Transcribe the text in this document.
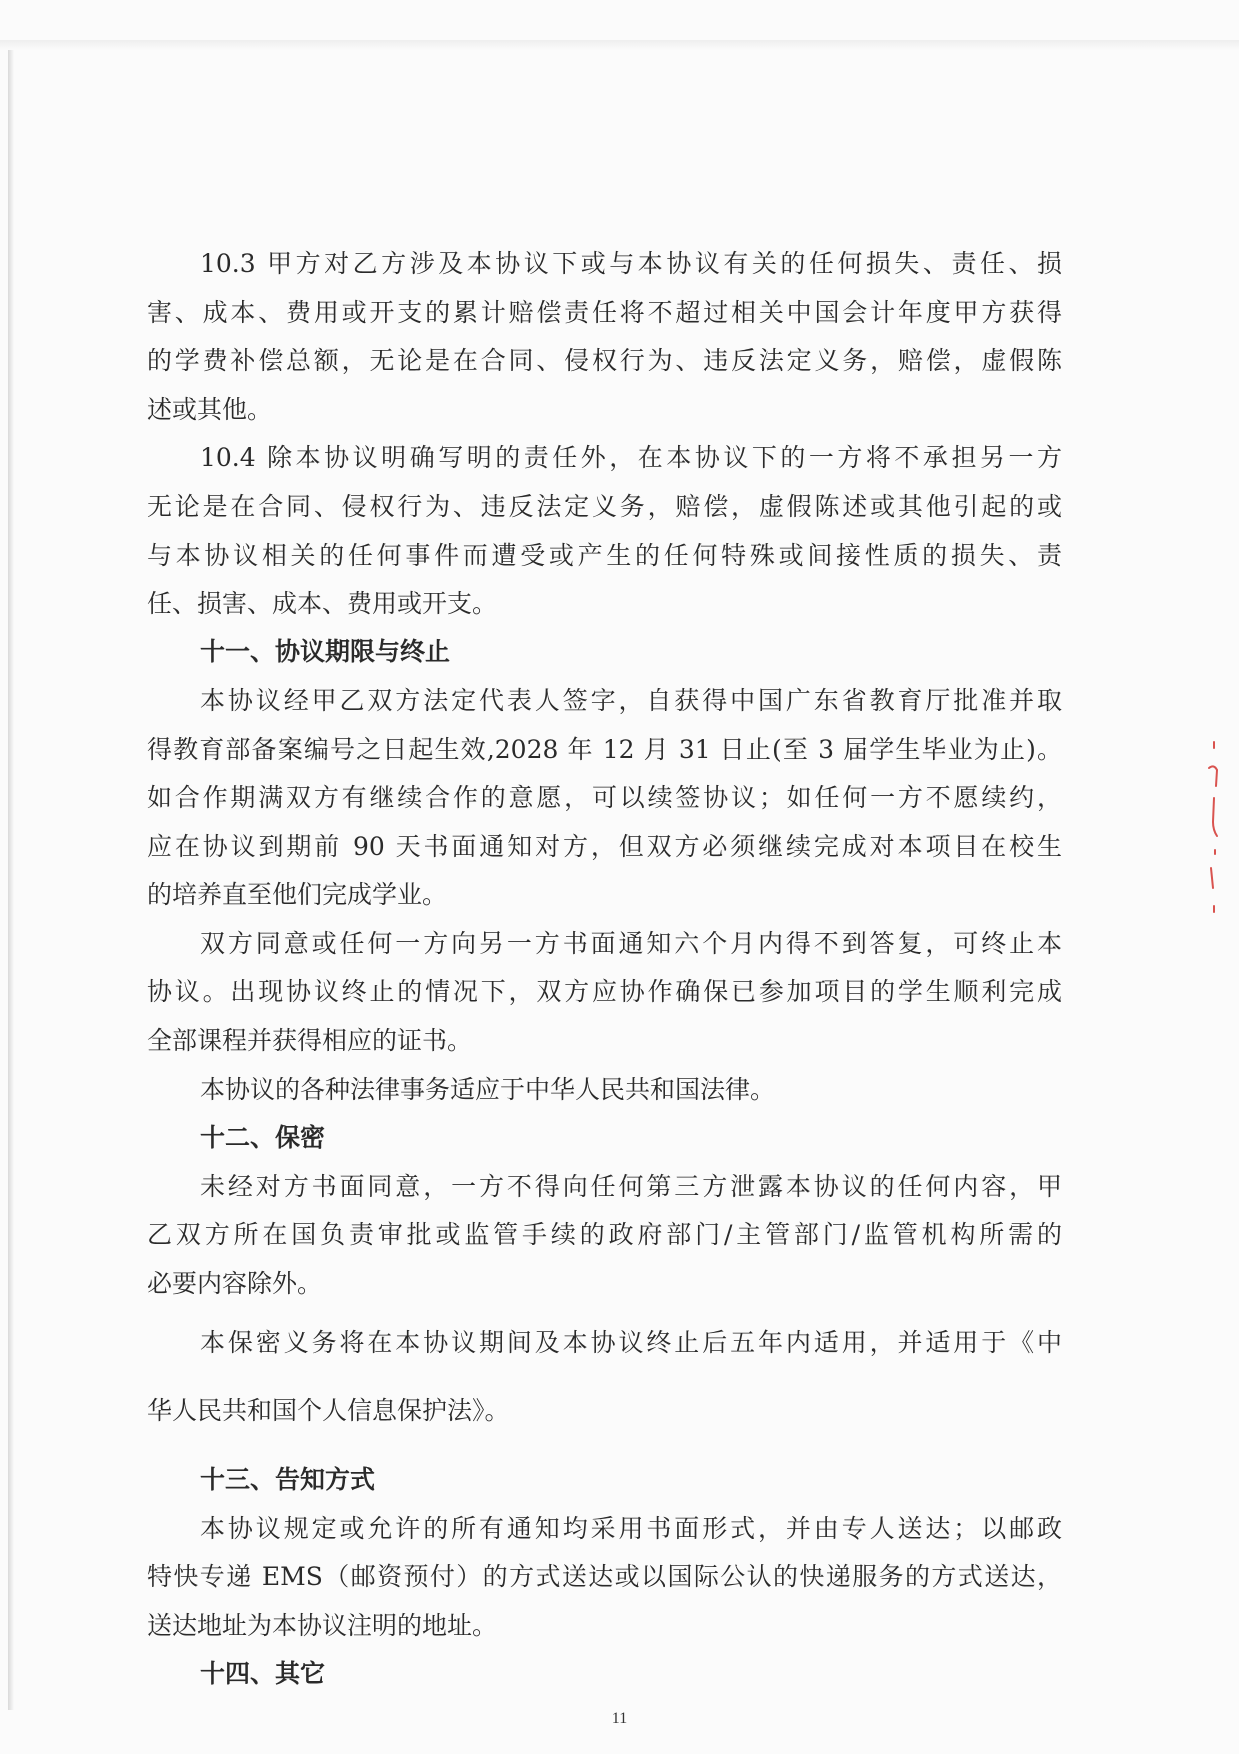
10.3 甲方对乙方涉及本协议下或与本协议有关的任何损失、责任、损
害、成本、费用或开支的累计赔偿责任将不超过相关中国会计年度甲方获得
的学费补偿总额，无论是在合同、侵权行为、违反法定义务，赔偿，虚假陈
述或其他。
10.4 除本协议明确写明的责任外，在本协议下的一方将不承担另一方
无论是在合同、侵权行为、违反法定义务，赔偿，虚假陈述或其他引起的或
与本协议相关的任何事件而遭受或产生的任何特殊或间接性质的损失、责
任、损害、成本、费用或开支。
十一、协议期限与终止
本协议经甲乙双方法定代表人签字，自获得中国广东省教育厅批准并取
得教育部备案编号之日起生效,2028 年 12 月 31 日止(至 3 届学生毕业为止)。
如合作期满双方有继续合作的意愿，可以续签协议；如任何一方不愿续约，
应在协议到期前 90 天书面通知对方，但双方必须继续完成对本项目在校生
的培养直至他们完成学业。
双方同意或任何一方向另一方书面通知六个月内得不到答复，可终止本
协议。出现协议终止的情况下，双方应协作确保已参加项目的学生顺利完成
全部课程并获得相应的证书。
本协议的各种法律事务适应于中华人民共和国法律。
十二、保密
未经对方书面同意，一方不得向任何第三方泄露本协议的任何内容，甲
乙双方所在国负责审批或监管手续的政府部门/主管部门/监管机构所需的
必要内容除外。
本保密义务将在本协议期间及本协议终止后五年内适用，并适用于《中
华人民共和国个人信息保护法》。
十三、告知方式
本协议规定或允许的所有通知均采用书面形式，并由专人送达；以邮政
特快专递 EMS（邮资预付）的方式送达或以国际公认的快递服务的方式送达，
送达地址为本协议注明的地址。
十四、其它
11
